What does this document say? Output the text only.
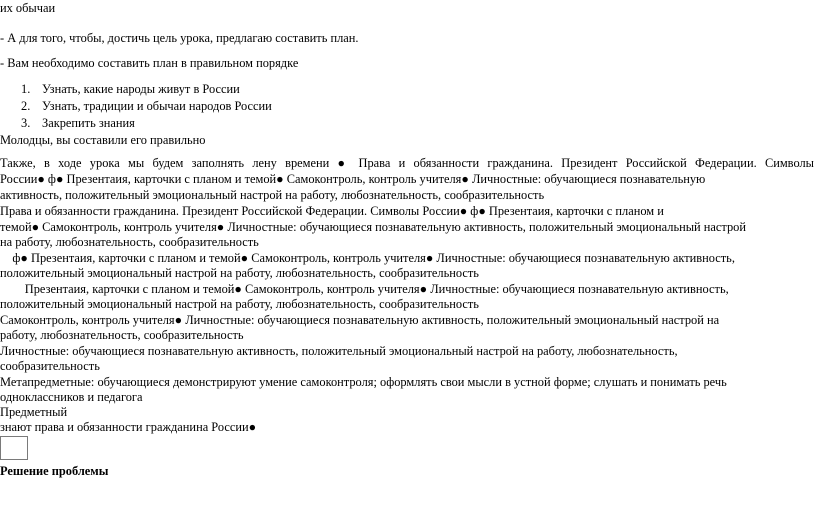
их обычаи
- А для того, чтобы, достичь цель урока, предлагаю составить план.
- Вам необходимо составить план в правильном порядке
1. Узнать, какие народы живут в России
2. Узнать, традиции и обычаи народов России
3. Закрепить знания
Молодцы, вы составили его правильно
Также, в ходе урока мы будем заполнять лену времени ● Права и обязанности гражданина. Президент Российской Федерации. Символы
России● ф● Презентаия, карточки с планом и темой● Самоконтроль, контроль учителя● Личностные: обучающиеся познавательную
активность, положительный эмоциональный настрой на работу, любознательность, сообразительность
Права и обязанности гражданина. Президент Российской Федерации. Символы России● ф● Презентаия, карточки с планом и
темой● Самоконтроль, контроль учителя● Личностные: обучающиеся познавательную активность, положительный эмоциональный настрой
на работу, любознательность, сообразительность
ф● Презентаия, карточки с планом и темой● Самоконтроль, контроль учителя● Личностные: обучающиеся познавательную активность,
положительный эмоциональный настрой на работу, любознательность, сообразительность
Презентаия, карточки с планом и темой● Самоконтроль, контроль учителя● Личностные: обучающиеся познавательную активность,
положительный эмоциональный настрой на работу, любознательность, сообразительность
Самоконтроль, контроль учителя● Личностные: обучающиеся познавательную активность, положительный эмоциональный настрой на
работу, любознательность, сообразительность
Личностные: обучающиеся познавательную активность, положительный эмоциональный настрой на работу, любознательность,
сообразительность
Метапредметные: обучающиеся демонстрируют умение самоконтроля; оформлять свои мысли в устной форме; слушать и понимать речь
одноклассников и педагога
Предметный
знают права и обязанности гражданина России●
Решение проблемы
